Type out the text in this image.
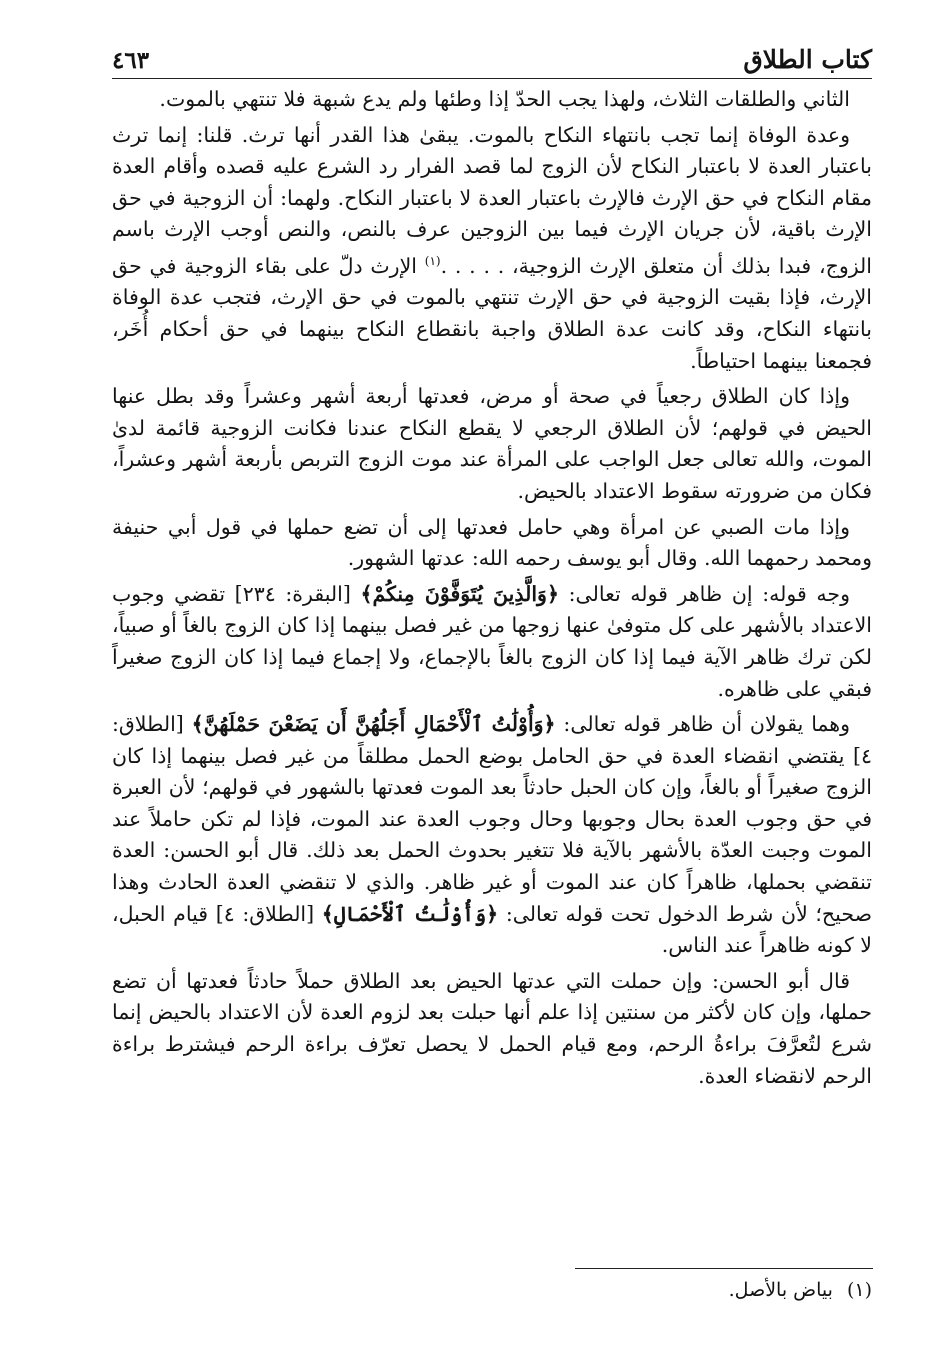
كتاب الطلاق
٤٦٣

الثاني والطلقات الثلاث، ولهذا يجب الحدّ إذا وطئها ولم يدع شبهة فلا تنتهي بالموت.

وعدة الوفاة إنما تجب بانتهاء النكاح بالموت. يبقىٰ هذا القدر أنها ترث. قلنا: إنما ترث باعتبار العدة لا باعتبار النكاح لأن الزوج لما قصد الفرار رد الشرع عليه قصده وأقام العدة مقام النكاح في حق الإرث فالإرث باعتبار العدة لا باعتبار النكاح. ولهما: أن الزوجية في حق الإرث باقية، لأن جريان الإرث فيما بين الزوجين عرف بالنص، والنص أوجب الإرث باسم الزوج، فبدا بذلك أن متعلق الإرث الزوجية، . . . . .$^{(١)}$ الإرث دلّ على بقاء الزوجية في حق الإرث، فإذا بقيت الزوجية في حق الإرث تنتهي بالموت في حق الإرث، فتجب عدة الوفاة بانتهاء النكاح، وقد كانت عدة الطلاق واجبة بانقطاع النكاح بينهما في حق أحكام أُخَر، فجمعنا بينهما احتياطاً.

وإذا كان الطلاق رجعياً في صحة أو مرض، فعدتها أربعة أشهر وعشراً وقد بطل عنها الحيض في قولهم؛ لأن الطلاق الرجعي لا يقطع النكاح عندنا فكانت الزوجية قائمة لدىٰ الموت، والله تعالى جعل الواجب على المرأة عند موت الزوج التربص بأربعة أشهر وعشراً، فكان من ضرورته سقوط الاعتداد بالحيض.

وإذا مات الصبي عن امرأة وهي حامل فعدتها إلى أن تضع حملها في قول أبي حنيفة ومحمد رحمهما الله. وقال أبو يوسف رحمه الله: عدتها الشهور.

وجه قوله: إن ظاهر قوله تعالى: ﴿وَالَّذِينَ يُتَوَفَّوْنَ مِنكُمْ﴾ [البقرة: ٢٣٤] تقضي وجوب الاعتداد بالأشهر على كل متوفىٰ عنها زوجها من غير فصل بينهما إذا كان الزوج بالغاً أو صبياً، لكن ترك ظاهر الآية فيما إذا كان الزوج بالغاً بالإجماع، ولا إجماع فيما إذا كان الزوج صغيراً فبقي على ظاهره.

وهما يقولان أن ظاهر قوله تعالى: ﴿وَأُوْلَٰتُ ٱلْأَحْمَالِ أَجَلُهُنَّ أَن يَضَعْنَ حَمْلَهُنَّ﴾ [الطلاق: ٤] يقتضي انقضاء العدة في حق الحامل بوضع الحمل مطلقاً من غير فصل بينهما إذا كان الزوج صغيراً أو بالغاً، وإن كان الحبل حادثاً بعد الموت فعدتها بالشهور في قولهم؛ لأن العبرة في حق وجوب العدة بحال وجوبها وحال وجوب العدة عند الموت، فإذا لم تكن حاملاً عند الموت وجبت العدّة بالأشهر بالآية فلا تتغير بحدوث الحمل بعد ذلك. قال أبو الحسن: العدة تنقضي بحملها، ظاهراً كان عند الموت أو غير ظاهر. والذي لا تنقضي العدة الحادث وهذا صحيح؛ لأن شرط الدخول تحت قوله تعالى: ﴿وَأُوْلَٰتُ ٱلْأَحْمَالِ﴾ [الطلاق: ٤] قيام الحبل، لا كونه ظاهراً عند الناس.

قال أبو الحسن: وإن حملت التي عدتها الحيض بعد الطلاق حملاً حادثاً فعدتها أن تضع حملها، وإن كان لأكثر من سنتين إذا علم أنها حبلت بعد لزوم العدة لأن الاعتداد بالحيض إنما شرع لتُعرَّفَ براءةُ الرحم، ومع قيام الحمل لا يحصل تعرّف براءة الرحم فيشترط براءة الرحم لانقضاء العدة.

(١)بياض بالأصل.
